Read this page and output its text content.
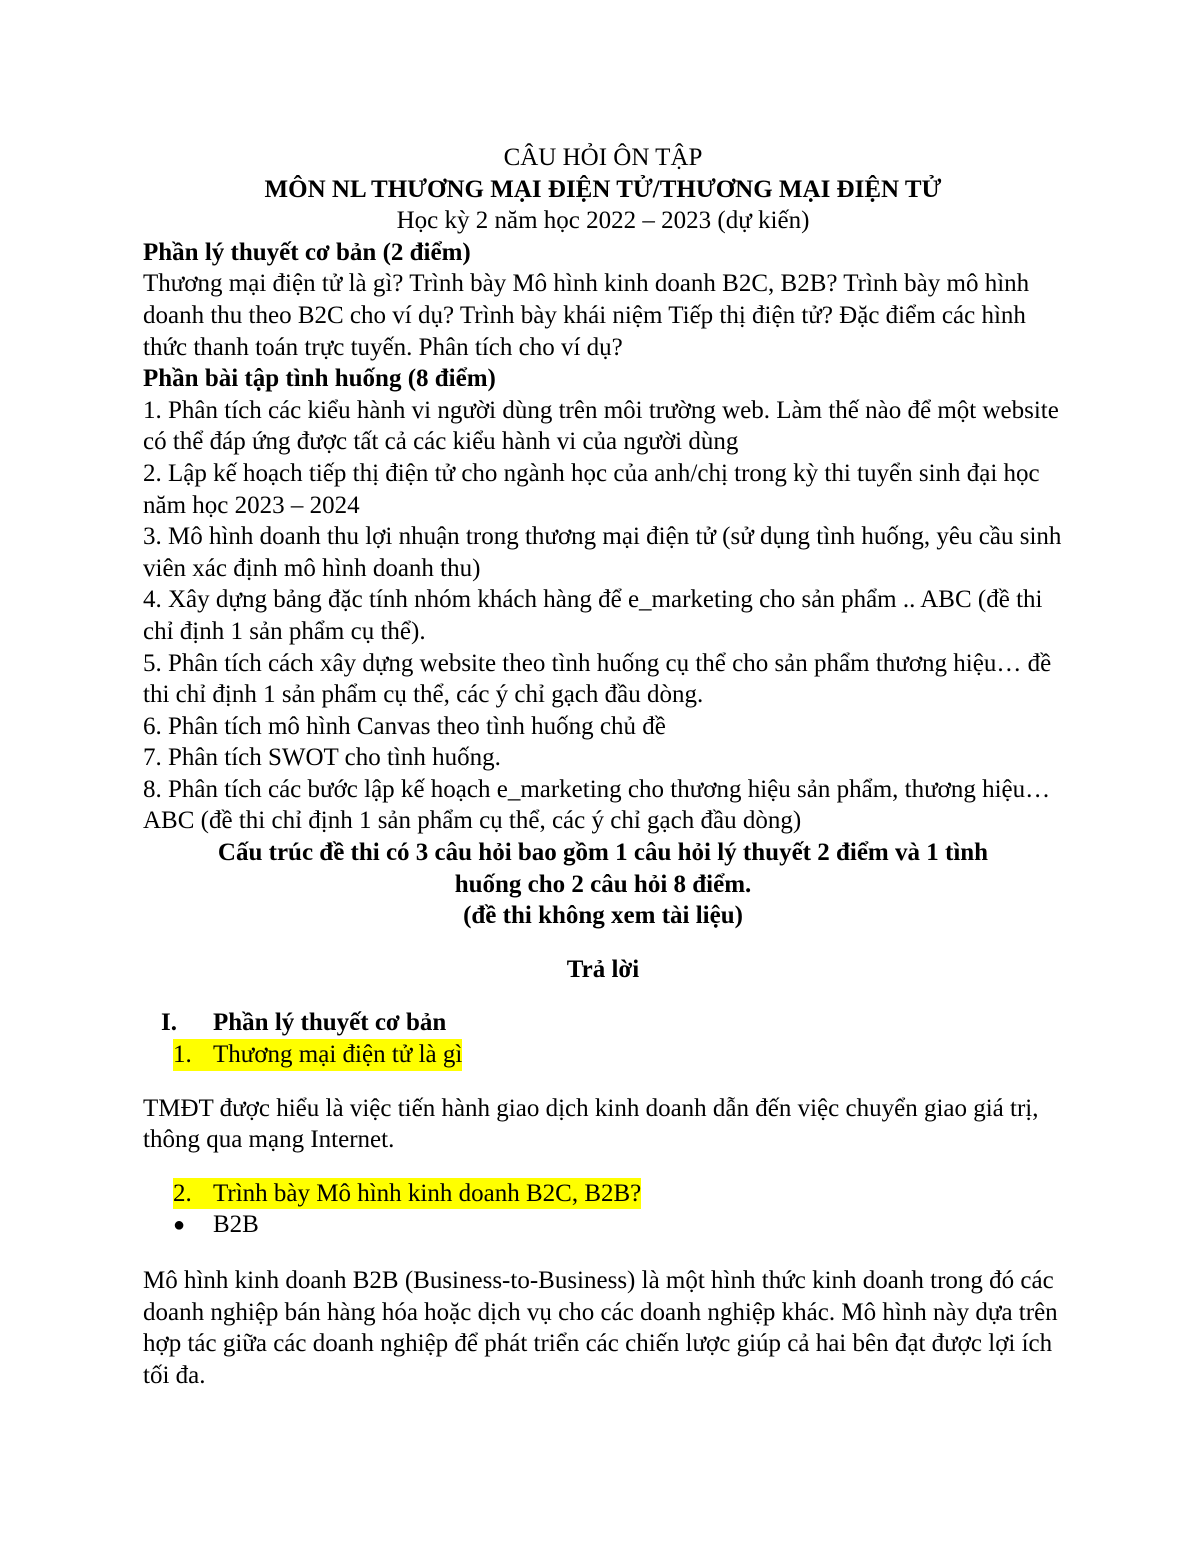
CÂU HỎI ÔN TẬP

MÔN NL THƯƠNG MẠI ĐIỆN TỬ/THƯƠNG MẠI ĐIỆN TỬ

Học kỳ 2 năm học 2022 – 2023 (dự kiến)

Phần lý thuyết cơ bản (2 điểm)

Thương mại điện tử là gì? Trình bày Mô hình kinh doanh B2C, B2B? Trình bày mô hình doanh thu theo B2C cho ví dụ? Trình bày khái niệm Tiếp thị điện tử? Đặc điểm các hình thức thanh toán trực tuyến. Phân tích cho ví dụ?

Phần bài tập tình huống (8 điểm)

1. Phân tích các kiểu hành vi người dùng trên môi trường web. Làm thế nào để một website có thể đáp ứng được tất cả các kiểu hành vi của người dùng

2. Lập kế hoạch tiếp thị điện tử cho ngành học của anh/chị trong kỳ thi tuyển sinh đại học năm học 2023 – 2024

3. Mô hình doanh thu lợi nhuận trong thương mại điện tử (sử dụng tình huống, yêu cầu sinh viên xác định mô hình doanh thu)

4. Xây dựng bảng đặc tính nhóm khách hàng để e_marketing cho sản phẩm .. ABC (đề thi chỉ định 1 sản phẩm cụ thể).

5. Phân tích cách xây dựng website theo tình huống cụ thể cho sản phẩm thương hiệu… đề thi chỉ định 1 sản phẩm cụ thể, các ý chỉ gạch đầu dòng.

6. Phân tích mô hình Canvas theo tình huống chủ đề

7. Phân tích SWOT cho tình huống.

8. Phân tích các bước lập kế hoạch e_marketing cho thương hiệu sản phẩm, thương hiệu… ABC (đề thi chỉ định 1 sản phẩm cụ thể, các ý chỉ gạch đầu dòng)

Cấu trúc đề thi có 3 câu hỏi bao gồm 1 câu hỏi lý thuyết 2 điểm và 1 tình

huống cho 2 câu hỏi 8 điểm.

(đề thi không xem tài liệu)

Trả lời

I.	Phần lý thuyết cơ bản
1. Thương mại điện tử là gì

TMĐT được hiểu là việc tiến hành giao dịch kinh doanh dẫn đến việc chuyển giao giá trị, thông qua mạng Internet.

2. Trình bày Mô hình kinh doanh B2C, B2B?
●	B2B

Mô hình kinh doanh B2B (Business-to-Business) là một hình thức kinh doanh trong đó các doanh nghiệp bán hàng hóa hoặc dịch vụ cho các doanh nghiệp khác. Mô hình này dựa trên hợp tác giữa các doanh nghiệp để phát triển các chiến lược giúp cả hai bên đạt được lợi ích tối đa.
